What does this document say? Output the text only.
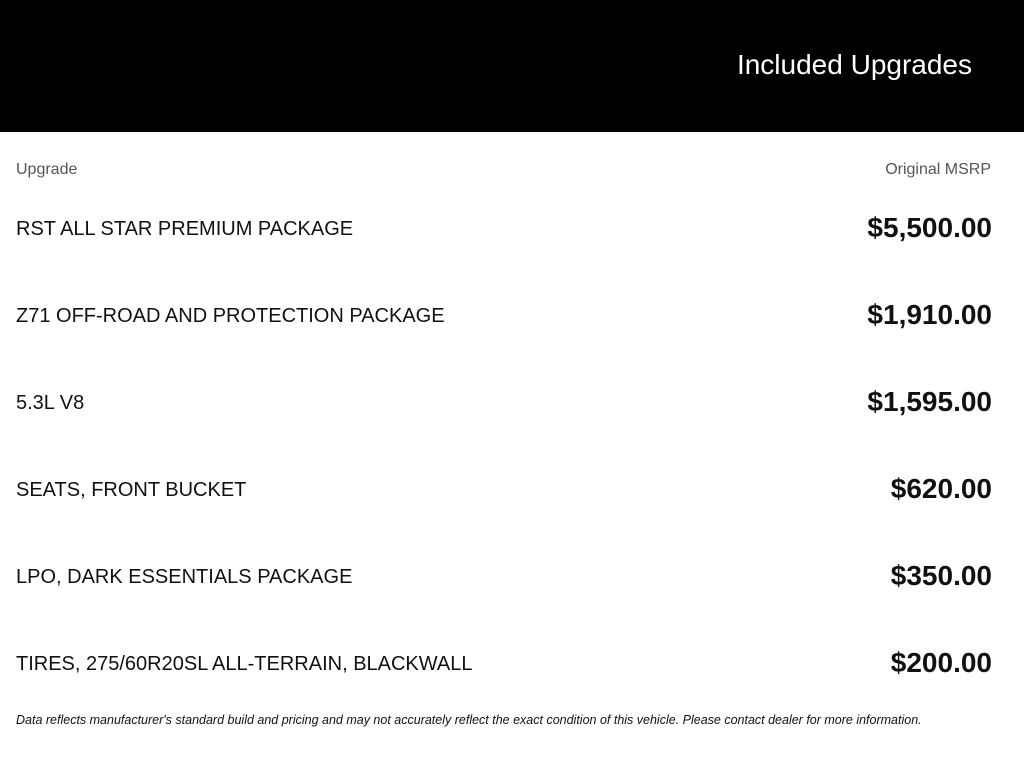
Included Upgrades
Upgrade	Original MSRP
RST ALL STAR PREMIUM PACKAGE	$5,500.00
Z71 OFF-ROAD AND PROTECTION PACKAGE	$1,910.00
5.3L V8	$1,595.00
SEATS, FRONT BUCKET	$620.00
LPO, DARK ESSENTIALS PACKAGE	$350.00
TIRES, 275/60R20SL ALL-TERRAIN, BLACKWALL	$200.00
Data reflects manufacturer's standard build and pricing and may not accurately reflect the exact condition of this vehicle. Please contact dealer for more information.
